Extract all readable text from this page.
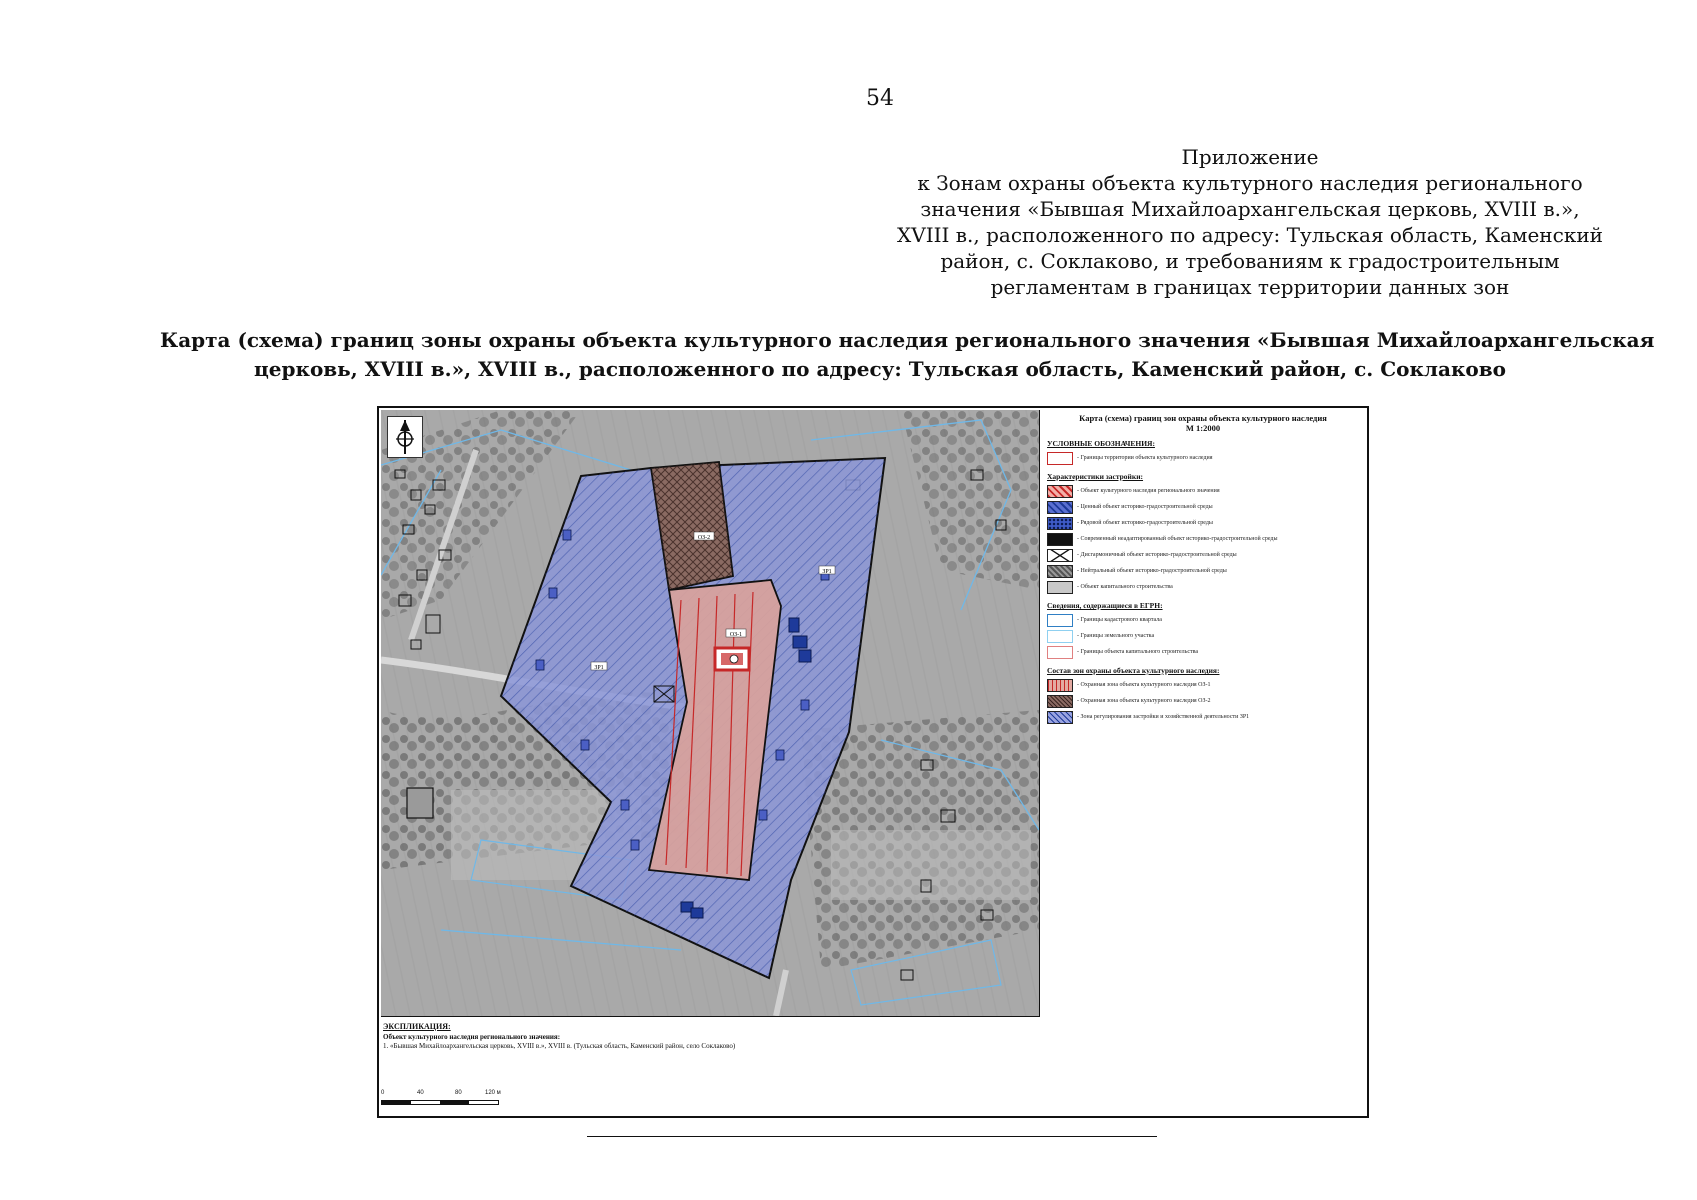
54
Приложение
к Зонам охраны объекта культурного наследия регионального
значения «Бывшая Михайлоархангельская церковь, XVIII в.»,
XVIII в., расположенного по адресу: Тульская область, Каменский
район, с. Соклаково, и требованиям к градостроительным
регламентам в границах территории данных зон
Карта (схема) границ зоны охраны объекта культурного наследия регионального значения «Бывшая Михайлоархангельская
церковь, XVIII в.», XVIII в., расположенного по адресу: Тульская область, Каменский район, с. Соклаково
ОЗ-2
ОЗ-1
ЗР1
ЗР1
Карта (схема) границ зон охраны объекта культурного наследия
М 1:2000
УСЛОВНЫЕ ОБОЗНАЧЕНИЯ:
- Границы территории объекта культурного наследия
Характеристики застройки:
- Объект культурного наследия регионального значения
- Ценный объект историко-градостроительной среды
- Рядовой объект историко-градостроительной среды
- Современный неадаптированный объект историко-градостроительной среды
- Дисгармоничный объект историко-градостроительной среды
- Нейтральный объект историко-градостроительной среды
- Объект капитального строительства
Сведения, содержащиеся в ЕГРН:
- Границы кадастрового квартала
- Границы земельного участка
- Границы объекта капитального строительства
Состав зон охраны объекта культурного наследия:
- Охранная зона объекта культурного наследия ОЗ-1
- Охранная зона объекта культурного наследия ОЗ-2
- Зона регулирования застройки и хозяйственной деятельности ЗР1
ЭКСПЛИКАЦИЯ:
Объект культурного наследия регионального значения:
1. «Бывшая Михайлоархангельская церковь, XVIII в.», XVIII в. (Тульская область, Каменский район, село Соклаково)
0	40	80	120 м
